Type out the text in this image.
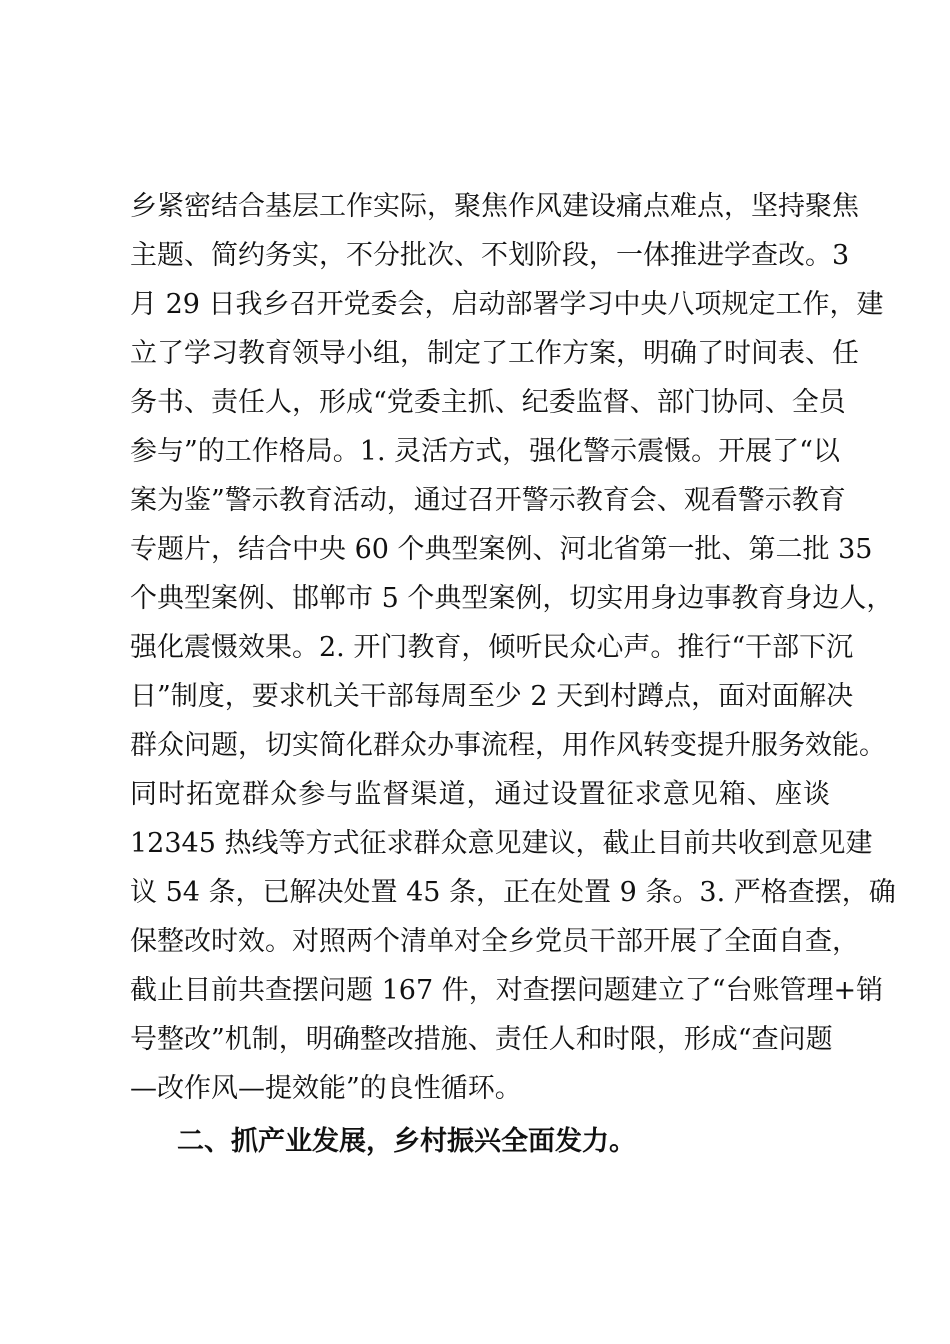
乡紧密结合基层工作实际，聚焦作风建设痛点难点，坚持聚焦
主题、简约务实，不分批次、不划阶段，一体推进学查改。3
月 29 日我乡召开党委会，启动部署学习中央八项规定工作，建
立了学习教育领导小组，制定了工作方案，明确了时间表、任
务书、责任人，形成“党委主抓、纪委监督、部门协同、全员
参与”的工作格局。1. 灵活方式，强化警示震慑。开展了“以
案为鉴”警示教育活动，通过召开警示教育会、观看警示教育
专题片，结合中央 60 个典型案例、河北省第一批、第二批 35
个典型案例、邯郸市 5 个典型案例，切实用身边事教育身边人，
强化震慑效果。2. 开门教育，倾听民众心声。推行“干部下沉
日”制度，要求机关干部每周至少 2 天到村蹲点，面对面解决
群众问题，切实简化群众办事流程，用作风转变提升服务效能。
同时拓宽群众参与监督渠道，通过设置征求意见箱、座谈
12345 热线等方式征求群众意见建议，截止目前共收到意见建
议 54 条，已解决处置 45 条，正在处置 9 条。3. 严格查摆，确
保整改时效。对照两个清单对全乡党员干部开展了全面自查，
截止目前共查摆问题 167 件，对查摆问题建立了“台账管理+销
号整改”机制，明确整改措施、责任人和时限，形成“查问题
—改作风—提效能”的良性循环。
二、抓产业发展，乡村振兴全面发力。
